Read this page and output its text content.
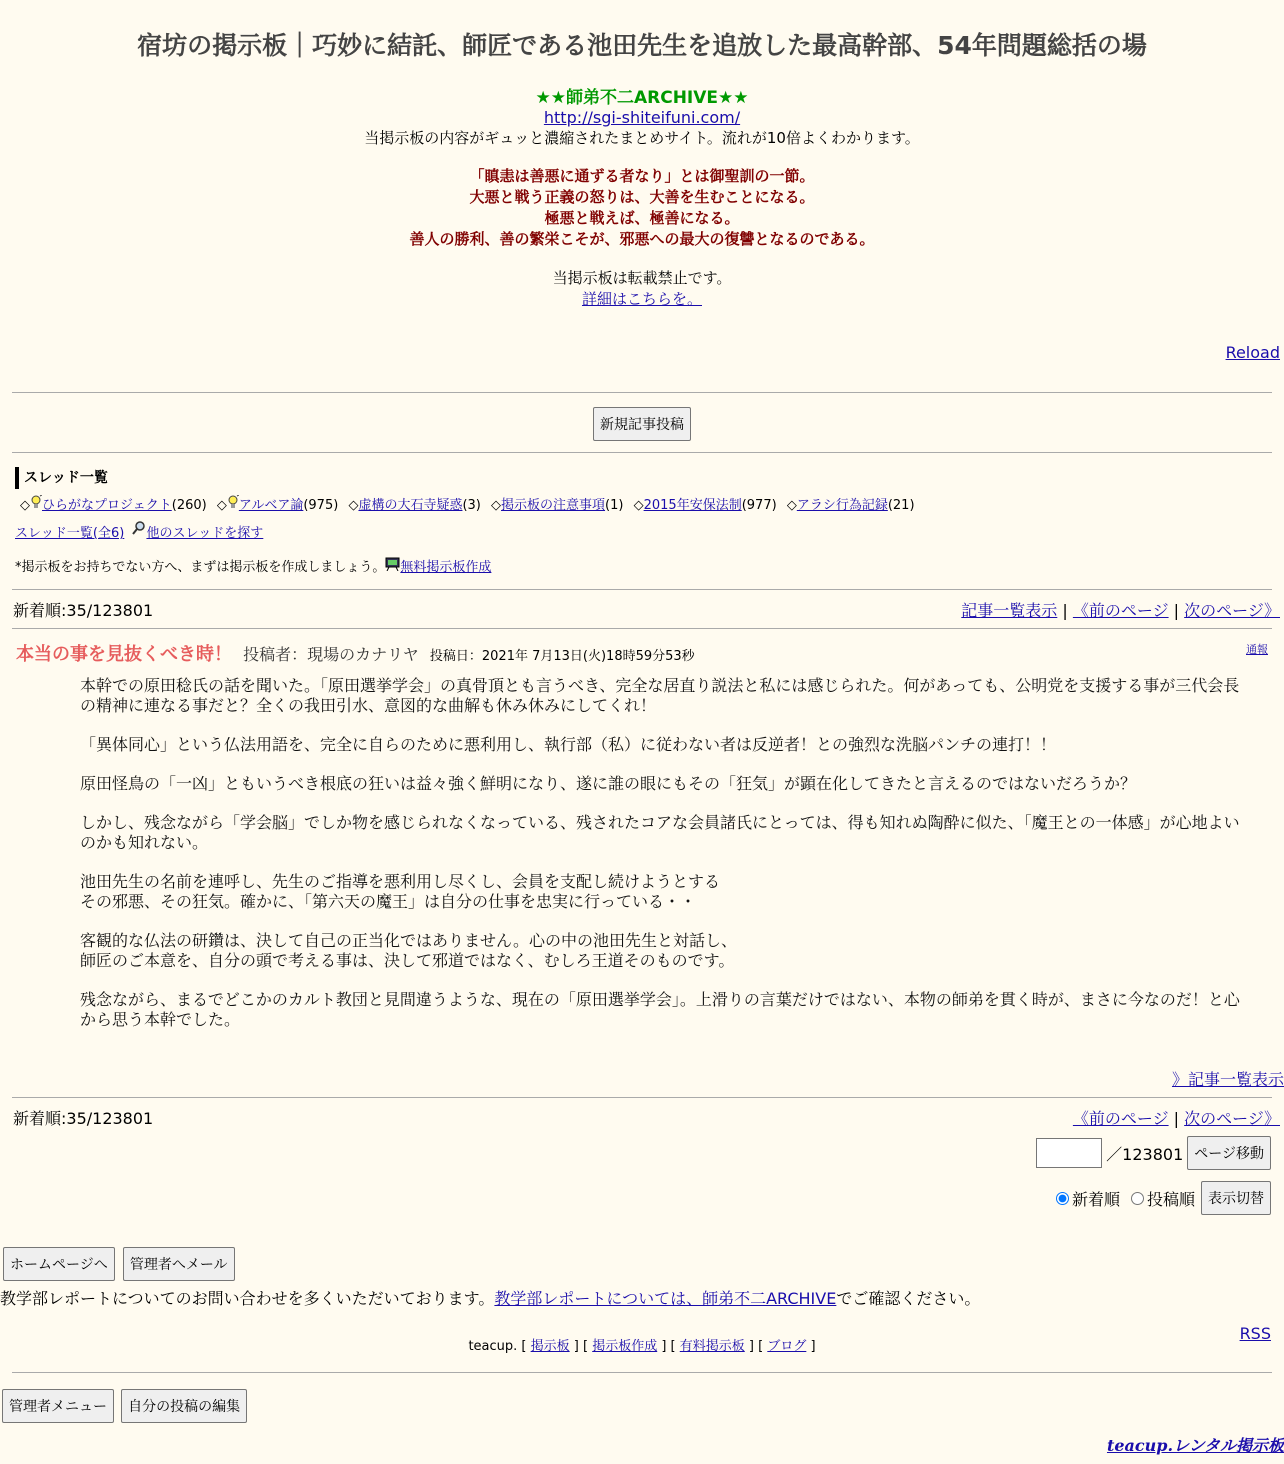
宿坊の掲示板｜巧妙に結託、師匠である池田先生を追放した最高幹部、54年問題総括の場
★★師弟不二ARCHIVE★★
http://sgi-shiteifuni.com/
当掲示板の内容がギュッと濃縮されたまとめサイト。流れが10倍よくわかります。
「瞋恚は善悪に通ずる者なり」とは御聖訓の一節。
大悪と戦う正義の怒りは、大善を生むことになる。
極悪と戦えば、極善になる。
善人の勝利、善の繁栄こそが、邪悪への最大の復讐となるのである。
当掲示板は転載禁止です。
詳細はこちらを。
Reload
新規記事投稿
スレッド一覧
◇ ひらがなプロジェクト(260) ◇ アルベア論(975) ◇虚構の大石寺疑惑(3) ◇掲示板の注意事項(1) ◇2015年安保法制(977) ◇アラシ行為記録(21)
スレッド一覧(全6) 他のスレッドを探す
*掲示板をお持ちでない方へ、まずは掲示板を作成しましょう。 無料掲示板作成
新着順:35/123801	記事一覧表示 | 《前のページ | 次のページ》
本当の事を見抜くべき時！ 投稿者：現場のカナリヤ 投稿日：2021年 7月13日(火)18時59分53秒	通報

本幹での原田稔氏の話を聞いた。「原田選挙学会」の真骨頂とも言うべき、完全な居直り説法と私には感じられた。何があっても、公明党を支援する事が三代会長の精神に連なる事だと？全くの我田引水、意図的な曲解も休み休みにしてくれ！

「異体同心」という仏法用語を、完全に自らのために悪利用し、執行部（私）に従わない者は反逆者！との強烈な洗脳パンチの連打！！

原田怪鳥の「一凶」ともいうべき根底の狂いは益々強く鮮明になり、遂に誰の眼にもその「狂気」が顕在化してきたと言えるのではないだろうか？

しかし、残念ながら「学会脳」でしか物を感じられなくなっている、残されたコアな会員諸氏にとっては、得も知れぬ陶酔に似た、「魔王との一体感」が心地よいのかも知れない。

池田先生の名前を連呼し、先生のご指導を悪利用し尽くし、会員を支配し続けようとする
その邪悪、その狂気。確かに、「第六天の魔王」は自分の仕事を忠実に行っている・・

客観的な仏法の研鑽は、決して自己の正当化ではありません。心の中の池田先生と対話し、
師匠のご本意を、自分の頭で考える事は、決して邪道ではなく、むしろ王道そのものです。

残念ながら、まるでどこかのカルト教団と見間違うような、現在の「原田選挙学会」。上滑りの言葉だけではない、本物の師弟を貫く時が、まさに今なのだ！と心から思う本幹でした。

》記事一覧表示
新着順:35/123801	《前のページ | 次のページ》
／123801 ページ移動
新着順	投稿順 表示切替
ホームページへ 管理者へメール
教学部レポートについてのお問い合わせを多くいただいております。教学部レポートについては、師弟不二ARCHIVEでご確認ください。
RSS
teacup. [ 掲示板 ] [ 掲示板作成 ] [ 有料掲示板 ] [ ブログ ]
管理者メニュー 自分の投稿の編集
teacup.レンタル掲示板
